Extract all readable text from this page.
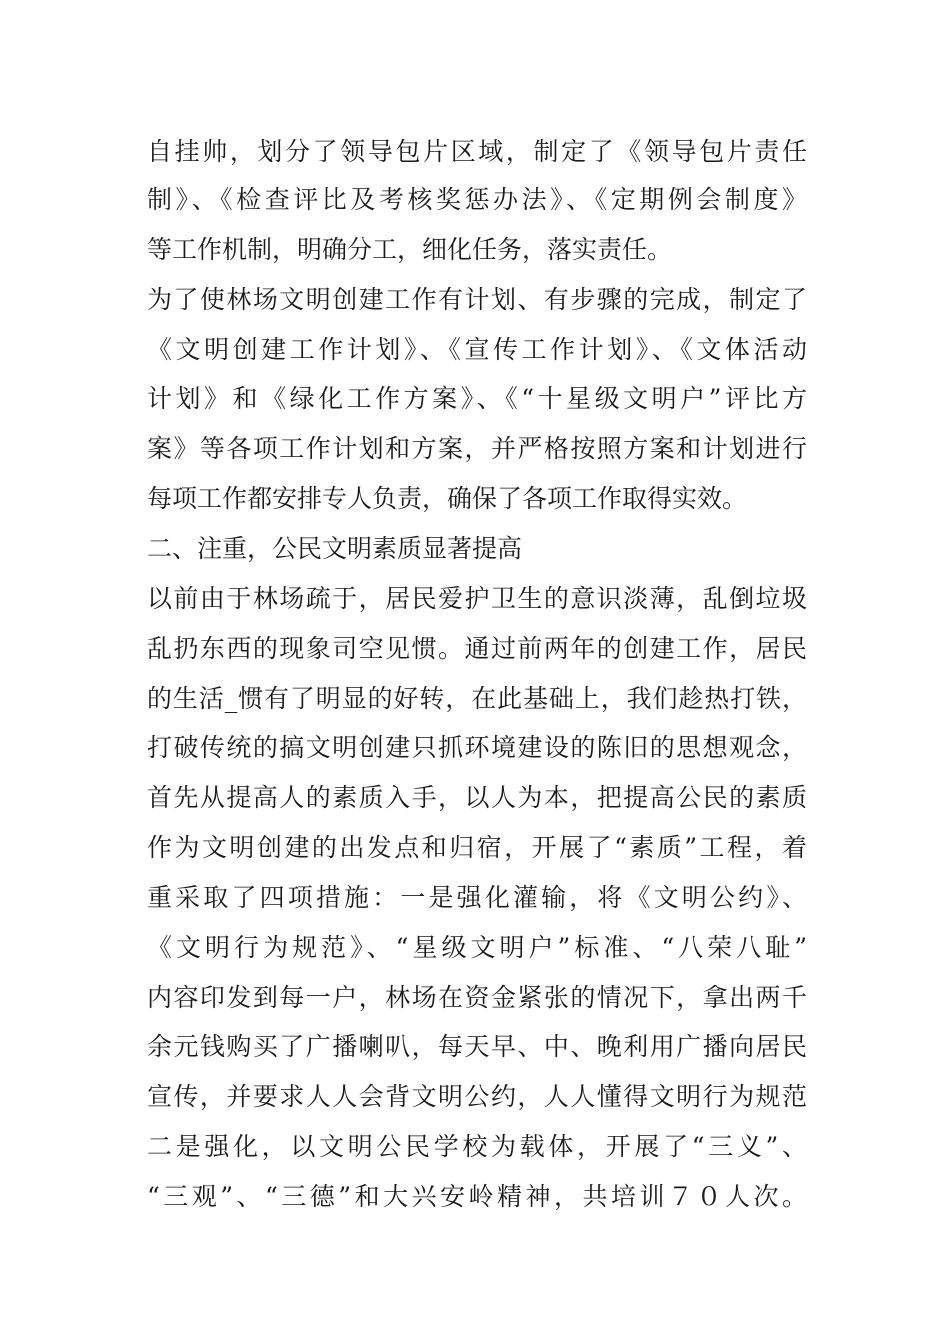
自挂帅，划分了领导包片区域，制定了《领导包片责任
制》、《检查评比及考核奖惩办法》、《定期例会制度》
等工作机制，明确分工，细化任务，落实责任。
为了使林场文明创建工作有计划、有步骤的完成，制定了
《文明创建工作计划》、《宣传工作计划》、《文体活动
计划》和《绿化工作方案》、《“十星级文明户”评比方
案》等各项工作计划和方案，并严格按照方案和计划进行
每项工作都安排专人负责，确保了各项工作取得实效。
二、注重，公民文明素质显著提高
以前由于林场疏于，居民爱护卫生的意识淡薄，乱倒垃圾
乱扔东西的现象司空见惯。通过前两年的创建工作，居民
的生活_惯有了明显的好转，在此基础上，我们趁热打铁，
打破传统的搞文明创建只抓环境建设的陈旧的思想观念，
首先从提高人的素质入手，以人为本，把提高公民的素质
作为文明创建的出发点和归宿，开展了“素质”工程，着
重采取了四项措施：一是强化灌输，将《文明公约》、
《文明行为规范》、“星级文明户”标准、“八荣八耻”
内容印发到每一户，林场在资金紧张的情况下，拿出两千
余元钱购买了广播喇叭，每天早、中、晚利用广播向居民
宣传，并要求人人会背文明公约，人人懂得文明行为规范
二是强化，以文明公民学校为载体，开展了“三义”、
“三观”、“三德”和大兴安岭精神，共培训７０人次。
